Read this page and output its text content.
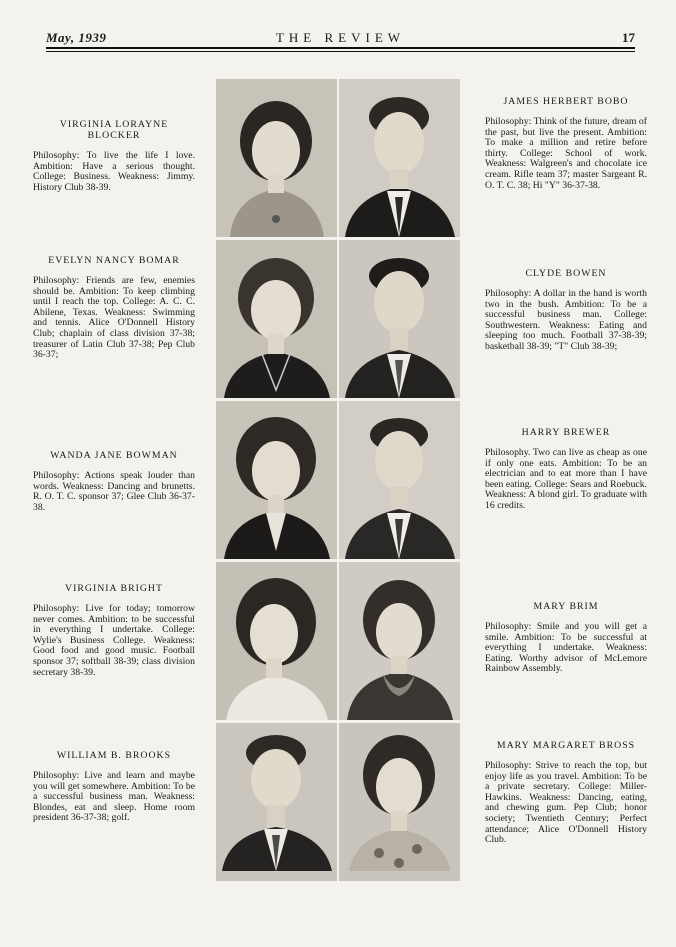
May, 1939	THE REVIEW	17
VIRGINIA LORAYNE BLOCKER

Philosophy: To live the life I love. Ambition: Have a serious thought. College: Business. Weakness: Jimmy. History Club 38-39.

JAMES HERBERT BOBO

Philosophy: Think of the future, dream of the past, but live the present. Ambition: To make a million and retire before thirty. College: School of work. Weakness: Walgreen's and chocolate ice cream. Rifle team 37; master Sargeant R. O. T. C. 38; Hi "Y" 36-37-38.

EVELYN NANCY BOMAR

Philosophy: Friends are few, enemies should be. Ambition: To keep climbing until I reach the top. College: A. C. C. Abilene, Texas. Weakness: Swimming and tennis. Alice O'Donnell History Club; chaplain of class division 37-38; treasurer of Latin Club 37-38; Pep Club 36-37;

CLYDE BOWEN

Philosophy: A dollar in the hand is worth two in the bush. Ambition: To be a successful business man. College: Southwestern. Weakness: Eating and sleeping too much. Football 37-38-39; basketball 38-39; "T" Club 38-39;

WANDA JANE BOWMAN

Philosophy: Actions speak louder than words. Weakness: Dancing and brunetts. R. O. T. C. sponsor 37; Glee Club 36-37-38.

HARRY BREWER

Philosophy. Two can live as cheap as one if only one eats. Ambition: To be an electrician and to eat more than I have been eating. College: Sears and Roebuck. Weakness: A blond girl. To graduate with 16 credits.

VIRGINIA BRIGHT

Philosophy: Live for today; tomorrow never comes. Ambition: to be successful in everything I undertake. College: Wylie's Business College. Weakness: Good food and good music. Football sponsor 37; softball 38-39; class division secretary 38-39.

MARY BRIM

Philosophy: Smile and you will get a smile. Ambition: To be successful at everything I undertake. Weakness: Eating. Worthy advisor of McLemore Rainbow Assembly.

WILLIAM B. BROOKS

Philosophy: Live and learn and maybe you will get somewhere. Ambition: To be a successful business man. Weakness: Blondes, eat and sleep. Home room president 36-37-38; golf.

MARY MARGARET BROSS

Philosophy: Strive to reach the top, but enjoy life as you travel. Ambition: To be a private secretary. College: Miller-Hawkins. Weakness: Dancing, eating, and chewing gum. Pep Club; honor society; Twentieth Century; Perfect attendance; Alice O'Donnell History Club.
